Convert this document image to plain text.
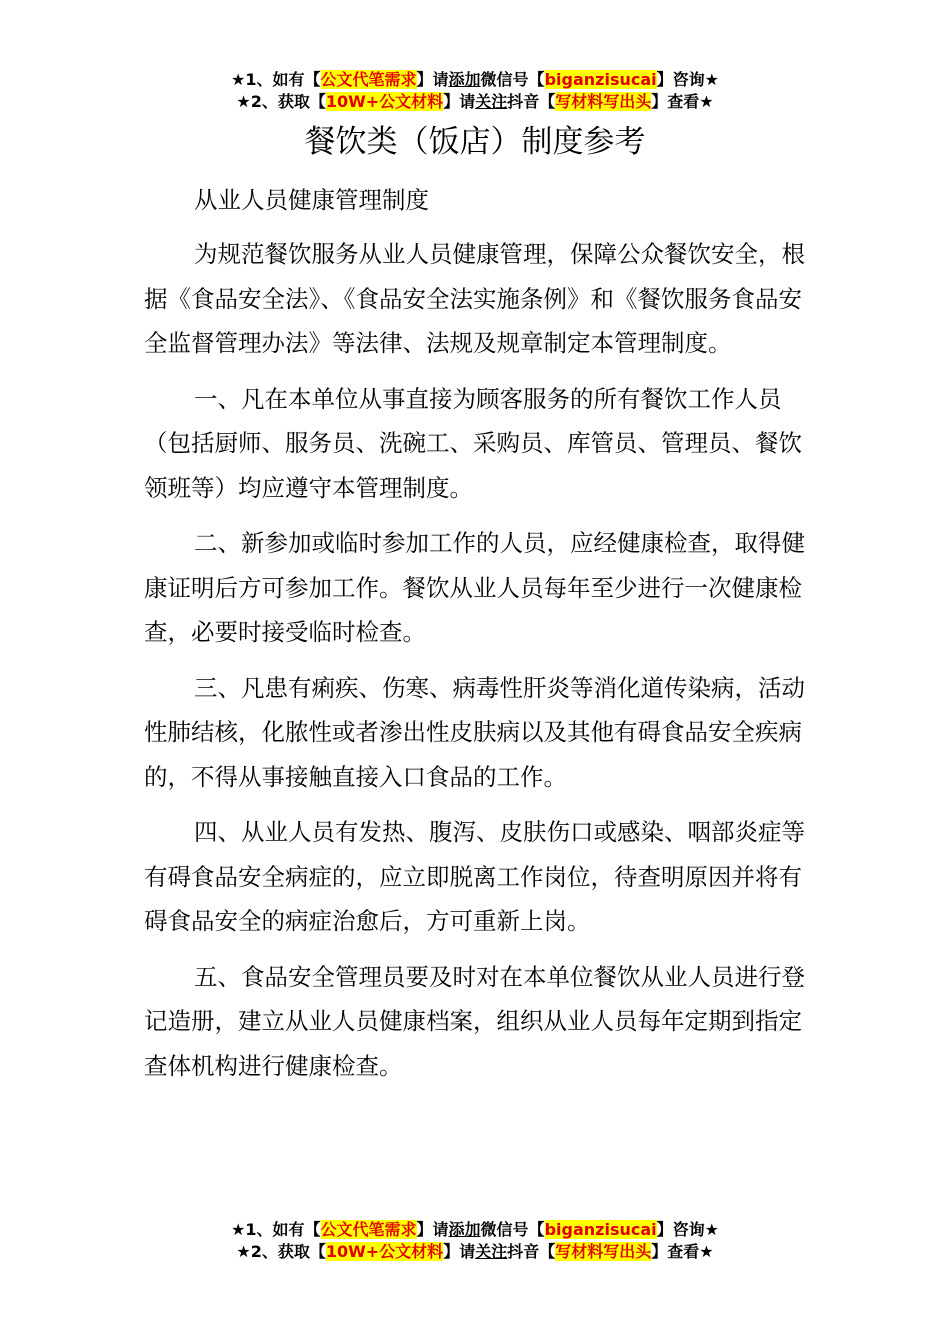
★1、如有【公文代笔需求】请添加微信号【biganzisucai】咨询★
★2、获取【10W+公文材料】请关注抖音【写材料写出头】查看★
餐饮类（饭店）制度参考

从业人员健康管理制度

为规范餐饮服务从业人员健康管理，保障公众餐饮安全，根据《食品安全法》、《食品安全法实施条例》和《餐饮服务食品安全监督管理办法》等法律、法规及规章制定本管理制度。

一、凡在本单位从事直接为顾客服务的所有餐饮工作人员（包括厨师、服务员、洗碗工、采购员、库管员、管理员、餐饮领班等）均应遵守本管理制度。

二、新参加或临时参加工作的人员，应经健康检查，取得健康证明后方可参加工作。餐饮从业人员每年至少进行一次健康检查，必要时接受临时检查。

三、凡患有痢疾、伤寒、病毒性肝炎等消化道传染病，活动性肺结核，化脓性或者渗出性皮肤病以及其他有碍食品安全疾病的，不得从事接触直接入口食品的工作。

四、从业人员有发热、腹泻、皮肤伤口或感染、咽部炎症等有碍食品安全病症的，应立即脱离工作岗位，待查明原因并将有碍食品安全的病症治愈后，方可重新上岗。

五、食品安全管理员要及时对在本单位餐饮从业人员进行登记造册，建立从业人员健康档案，组织从业人员每年定期到指定查体机构进行健康检查。

★1、如有【公文代笔需求】请添加微信号【biganzisucai】咨询★
★2、获取【10W+公文材料】请关注抖音【写材料写出头】查看★
